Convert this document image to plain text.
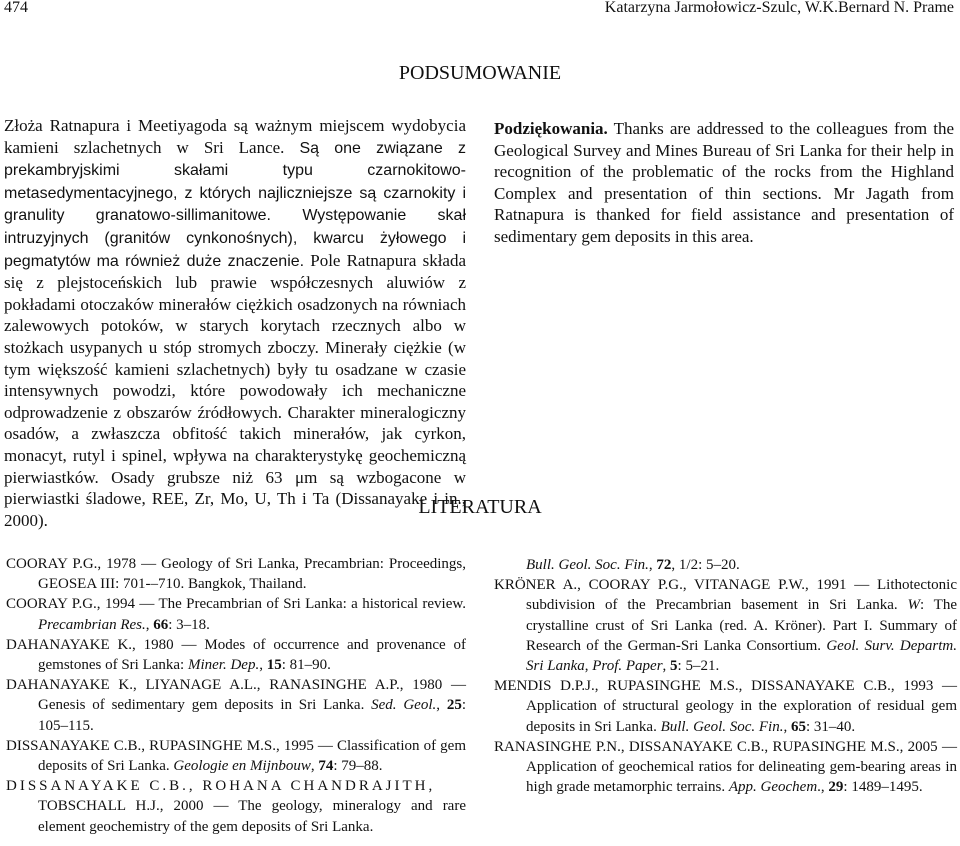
474	Katarzyna Jarmołowicz-Szulc, W.K.Bernard N. Prame
PODSUMOWANIE

Złoża Ratnapura i Meetiyagoda są ważnym miejscem wydobycia kamieni szlachetnych w Sri Lance. Są one związane z prekambryjskimi skałami typu czarnokitowo-metasedymentacyjnego, z których najliczniejsze są czarnokity i granulity granatowo-sillimanitowe. Występowanie skał intruzyjnych (granitów cynkonośnych), kwarcu żyłowego i pegmatytów ma również duże znaczenie. Pole Ratnapura składa się z plejstoceńskich lub prawie współczesnych aluwiów z pokładami otoczaków minerałów ciężkich osadzonych na równiach zalewowych potoków, w starych korytach rzecznych albo w stożkach usypanych u stóp stromych zboczy. Minerały ciężkie (w tym większość kamieni szlachetnych) były tu osadzane w czasie intensywnych powodzi, które powodowały ich mechaniczne odprowadzenie z obszarów źródłowych. Charakter mineralogiczny osadów, a zwłaszcza obfitość takich minerałów, jak cyrkon, monacyt, rutyl i spinel, wpływa na charakterystykę geochemiczną pierwiastków. Osady grubsze niż 63 μm są wzbogacone w pierwiastki śladowe, REE, Zr, Mo, U, Th i Ta (Dissanayake i in., 2000).

Podziękowania. Thanks are addressed to the colleagues from the Geological Survey and Mines Bureau of Sri Lanka for their help in recognition of the problematic of the rocks from the Highland Complex and presentation of thin sections. Mr Jagath from Ratnapura is thanked for field assistance and presentation of sedimentary gem deposits in this area.

LITERATURA

COORAY P.G., 1978 — Geology of Sri Lanka, Precambrian: Proceedings, GEOSEA III: 701-–710. Bangkok, Thailand.

COORAY P.G., 1994 — The Precambrian of Sri Lanka: a historical review. Precambrian Res., 66: 3–18.

DAHANAYAKE K., 1980 — Modes of occurrence and provenance of gemstones of Sri Lanka: Miner. Dep., 15: 81–90.

DAHANAYAKE K., LIYANAGE A.L., RANASINGHE A.P., 1980 — Genesis of sedimentary gem deposits in Sri Lanka. Sed. Geol., 25: 105–115.

DISSANAYAKE C.B., RUPASINGHE M.S., 1995 — Classification of gem deposits of Sri Lanka. Geologie en Mijnbouw, 74: 79–88.

DISSANAYAKE C.B., ROHANA CHANDRAJITH,

TOBSCHALL H.J., 2000 — The geology, mineralogy and rare element geochemistry of the gem deposits of Sri Lanka.

Bull. Geol. Soc. Fin., 72, 1/2: 5–20.

KRÖNER A., COORAY P.G., VITANAGE P.W., 1991 — Lithotectonic subdivision of the Precambrian basement in Sri Lanka. W: The crystalline crust of Sri Lanka (red. A. Kröner). Part I. Summary of Research of the German-Sri Lanka Consortium. Geol. Surv. Departm. Sri Lanka, Prof. Paper, 5: 5–21.

MENDIS D.P.J., RUPASINGHE M.S., DISSANAYAKE C.B., 1993 — Application of structural geology in the exploration of residual gem deposits in Sri Lanka. Bull. Geol. Soc. Fin., 65: 31–40.

RANASINGHE P.N., DISSANAYAKE C.B., RUPASINGHE M.S., 2005 — Application of geochemical ratios for delineating gem-bearing areas in high grade metamorphic terrains. App. Geochem., 29: 1489–1495.
